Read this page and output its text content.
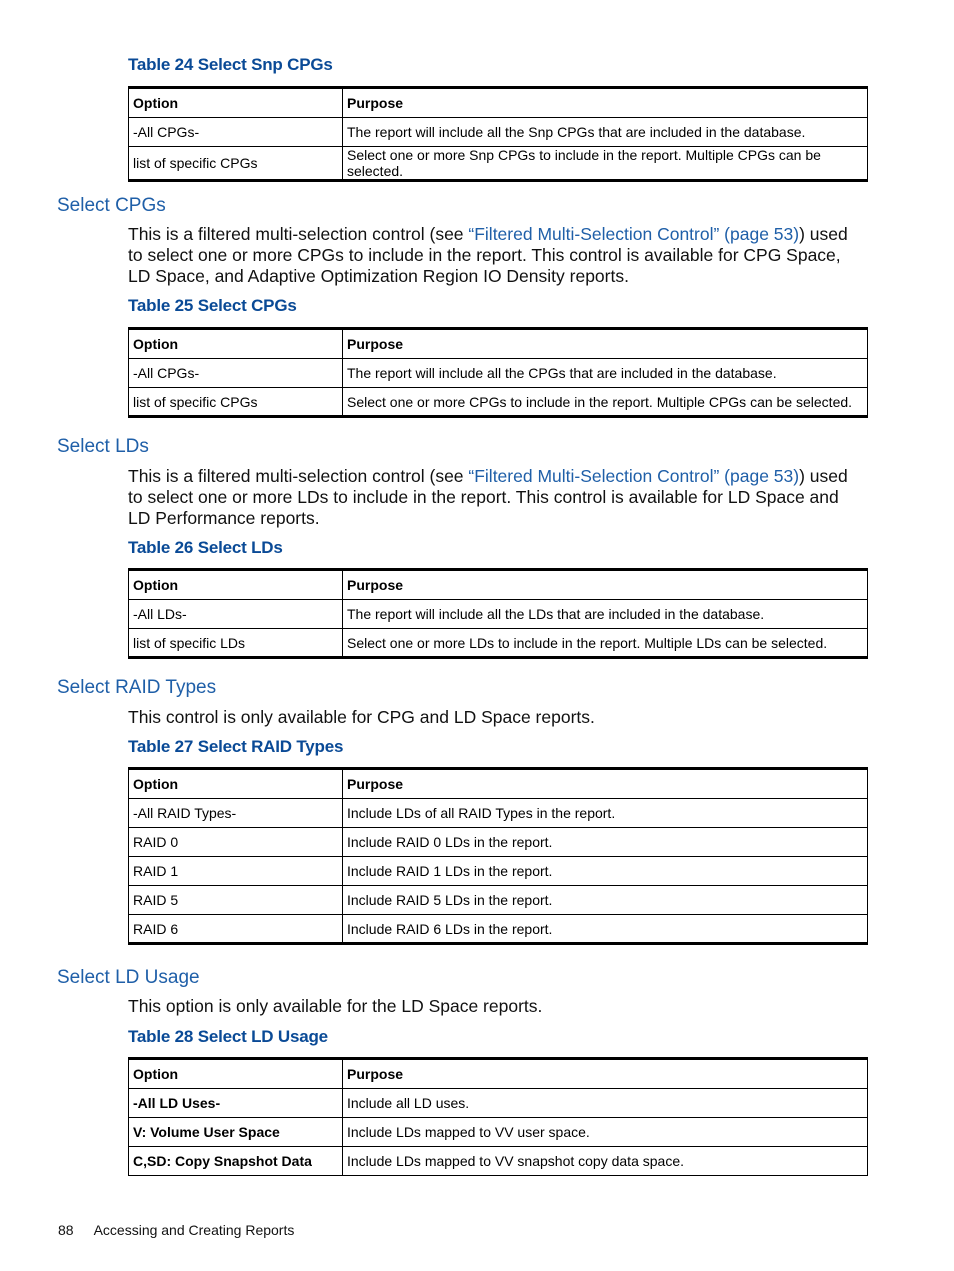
Table 24 Select Snp CPGs
Option	Purpose
-All CPGs-	The report will include all the Snp CPGs that are included in the database.
list of specific CPGs	Select one or more Snp CPGs to include in the report. Multiple CPGs can be selected.
Select CPGs
This is a filtered multi-selection control (see “Filtered Multi-Selection Control” (page 53)) used to select one or more CPGs to include in the report. This control is available for CPG Space, LD Space, and Adaptive Optimization Region IO Density reports.
Table 25 Select CPGs
Option	Purpose
-All CPGs-	The report will include all the CPGs that are included in the database.
list of specific CPGs	Select one or more CPGs to include in the report. Multiple CPGs can be selected.
Select LDs
This is a filtered multi-selection control (see “Filtered Multi-Selection Control” (page 53)) used to select one or more LDs to include in the report. This control is available for LD Space and LD Performance reports.
Table 26 Select LDs
Option	Purpose
-All LDs-	The report will include all the LDs that are included in the database.
list of specific LDs	Select one or more LDs to include in the report. Multiple LDs can be selected.
Select RAID Types
This control is only available for CPG and LD Space reports.
Table 27 Select RAID Types
Option	Purpose
-All RAID Types-	Include LDs of all RAID Types in the report.
RAID 0	Include RAID 0 LDs in the report.
RAID 1	Include RAID 1 LDs in the report.
RAID 5	Include RAID 5 LDs in the report.
RAID 6	Include RAID 6 LDs in the report.
Select LD Usage
This option is only available for the LD Space reports.
Table 28 Select LD Usage
Option	Purpose
-All LD Uses-	Include all LD uses.
V: Volume User Space	Include LDs mapped to VV user space.
C,SD: Copy Snapshot Data	Include LDs mapped to VV snapshot copy data space.
88 Accessing and Creating Reports
